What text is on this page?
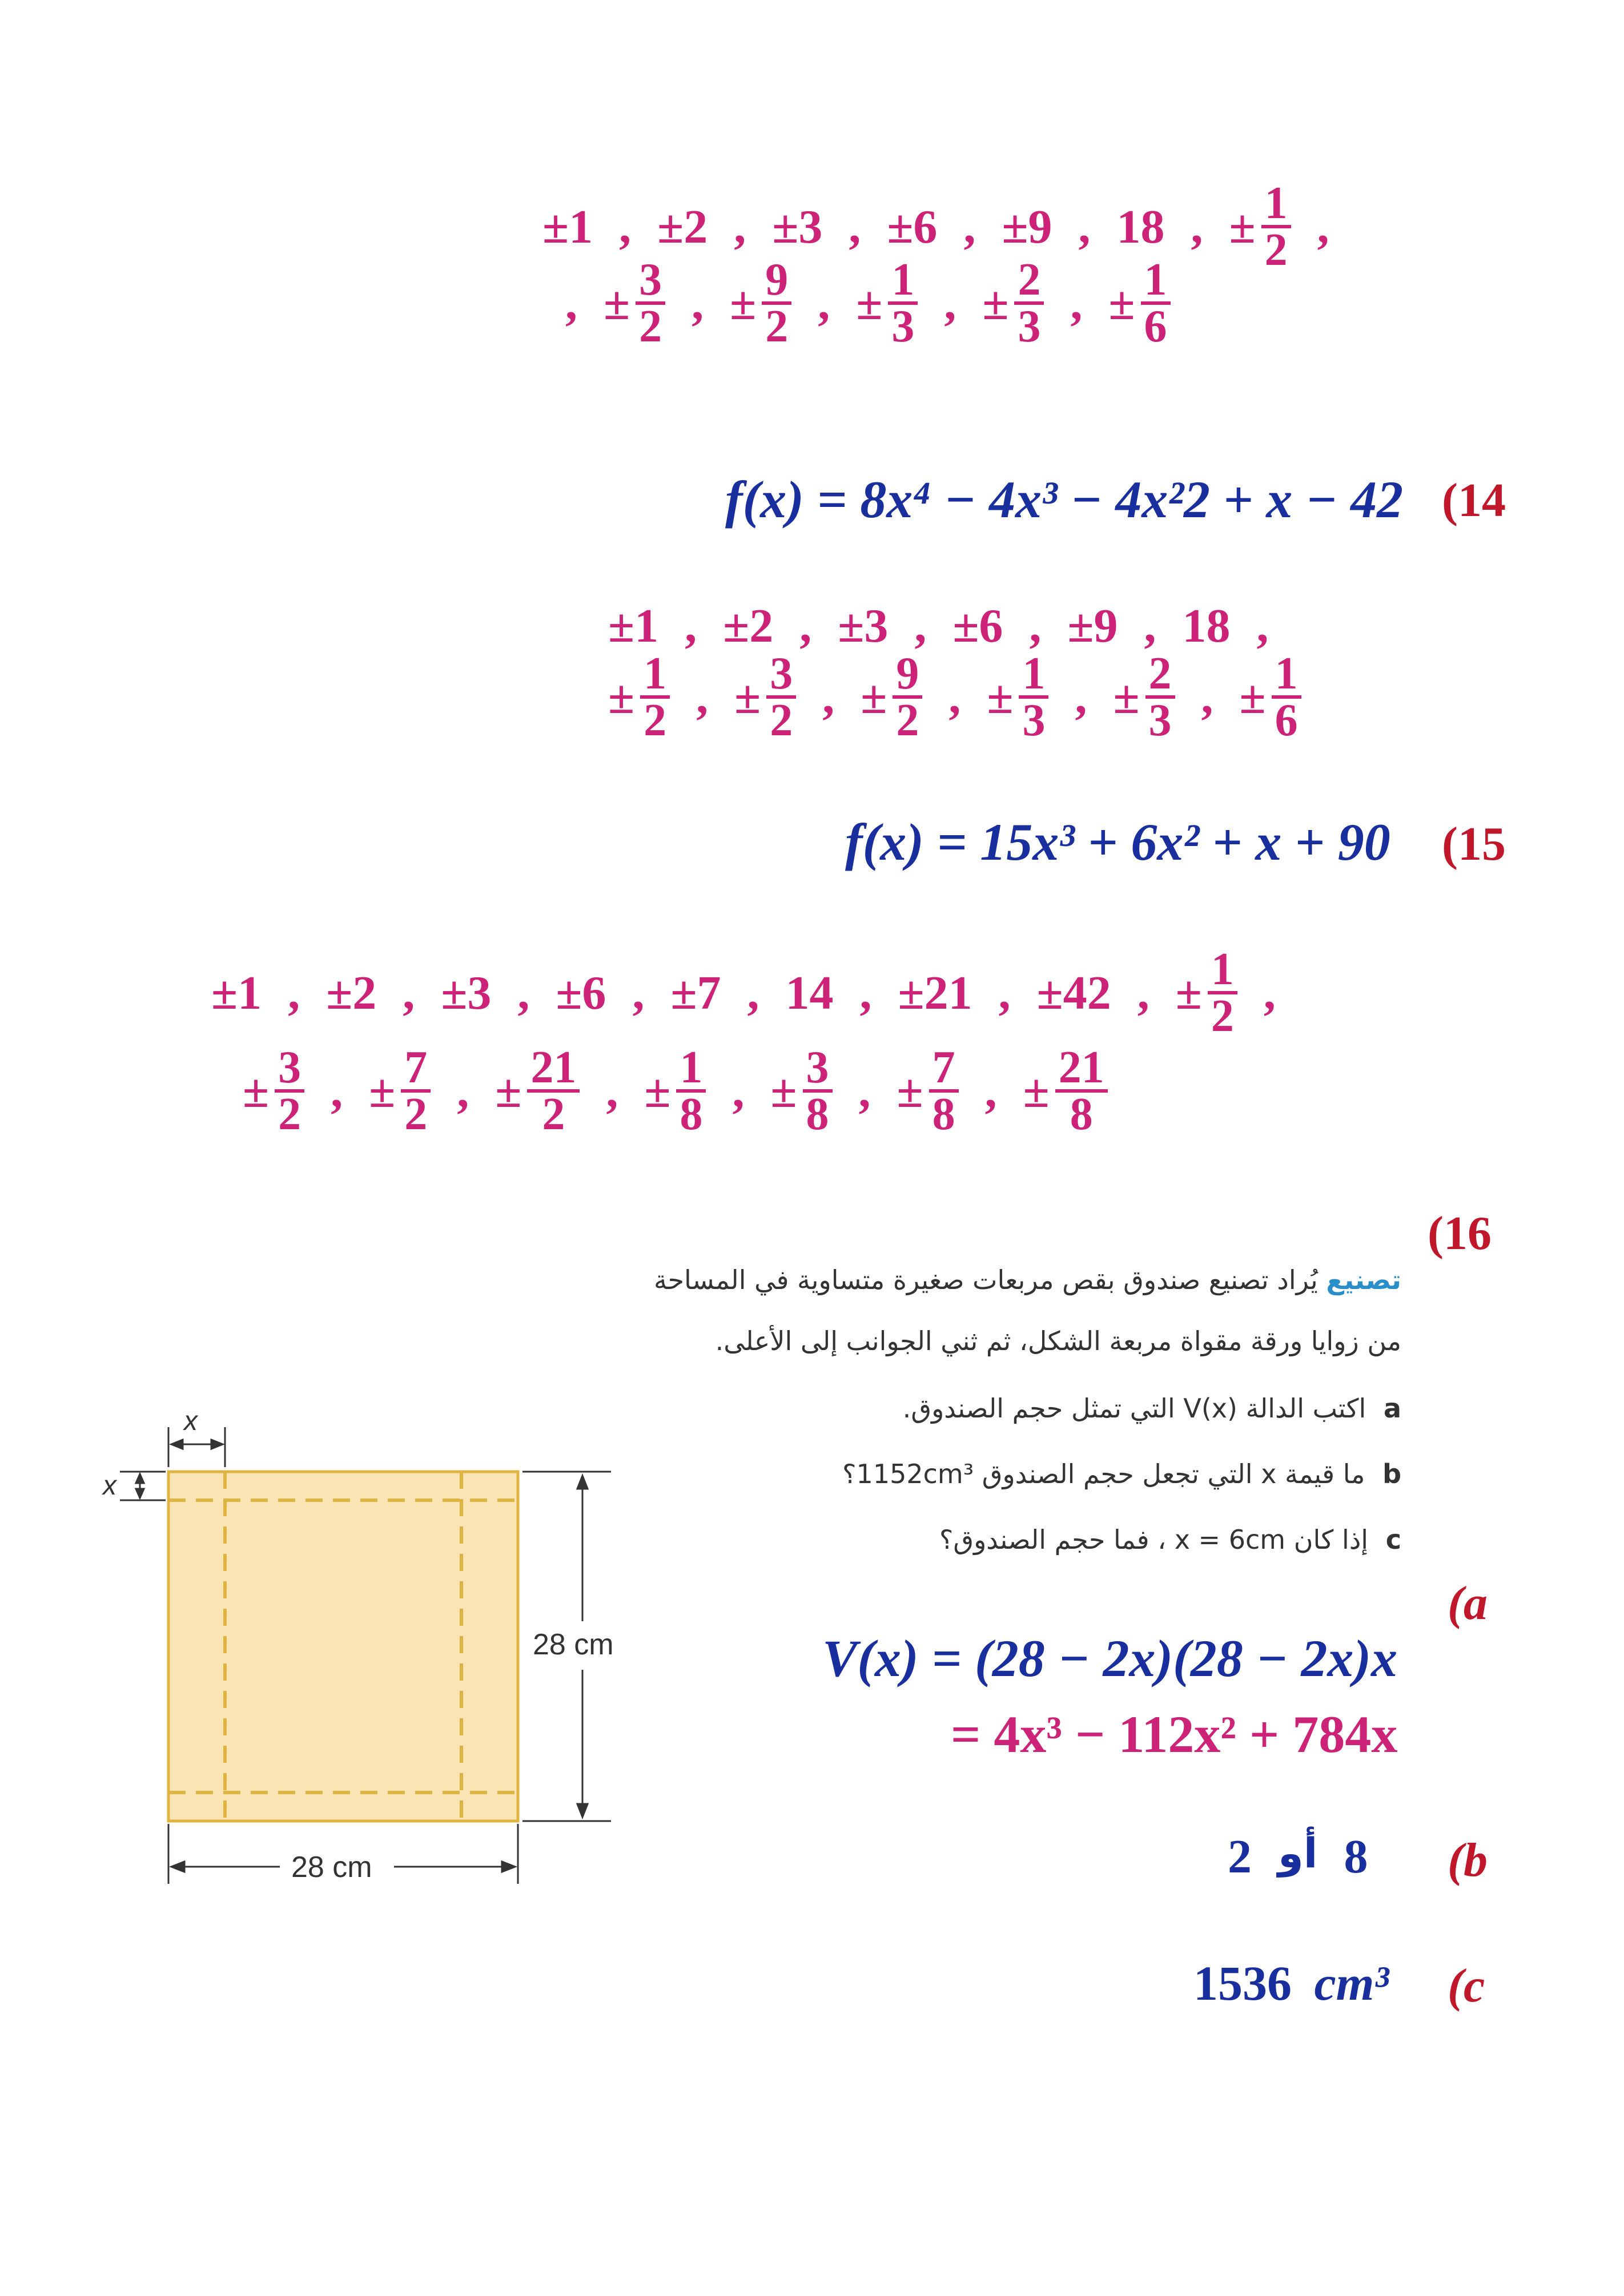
±1 , ±2 , ±3 , ±6 , ±9 , 18 , ± $\frac{1}{2}$ ,
, ± $\frac{3}{2}$ , ± $\frac{9}{2}$ , ± $\frac{1}{3}$ , ± $\frac{2}{3}$ , ± $\frac{1}{6}$
(14
f(x) = 8x⁴ − 4x³ − 4x²2 + x − 42
±1 , ±2 , ±3 , ±6 , ±9 , 18 ,
± $\frac{1}{2}$ , ± $\frac{3}{2}$ , ± $\frac{9}{2}$ , ± $\frac{1}{3}$ , ± $\frac{2}{3}$ , ± $\frac{1}{6}$
(15
f(x) = 15x³ + 6x² + x + 90
±1 , ±2 , ±3 , ±6 , ±7 , 14 , ±21 , ±42 , ± $\frac{1}{2}$ ,
± $\frac{3}{2}$ , ± $\frac{7}{2}$ , ± $\frac{21}{2}$ , ± $\frac{1}{8}$ , ± $\frac{3}{8}$ , ± $\frac{7}{8}$ , ± $\frac{21}{8}$
(16
تصنيع يُراد تصنيع صندوق بقص مربعات صغيرة متساوية في المساحة
من زوايا ورقة مقواة مربعة الشكل، ثم ثني الجوانب إلى الأعلى.
a اكتب الدالة V(x) التي تمثل حجم الصندوق.
b ما قيمة x التي تجعل حجم الصندوق 1152cm³؟
c إذا كان x = 6cm ، فما حجم الصندوق؟
x
x
28 cm
28 cm
(a
V(x) = (28 − 2x)(28 − 2x)x
= 4x³ − 112x² + 784x
(b
2 أو 8
(c
1536 cm³
